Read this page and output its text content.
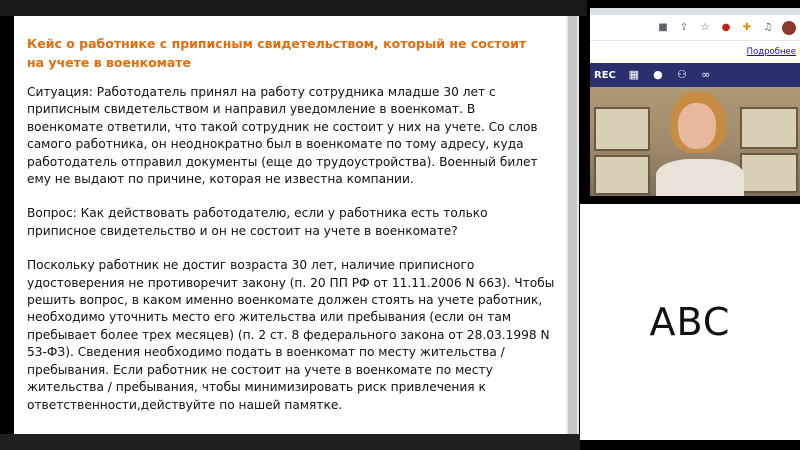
Кейс о работнике с приписным свидетельством, который не состоит на учете в военкомате

Ситуация: Работодатель принял на работу сотрудника младше 30 лет с приписным свидетельством и направил уведомление в военкомат. В военкомате ответили, что такой сотрудник не состоит у них на учете. Со слов самого работника, он неоднократно был в военкомате по тому адресу, куда работодатель отправил документы (еще до трудоустройства). Военный билет ему не выдают по причине, которая не известна компании.

Вопрос: Как действовать работодателю, если у работника есть только приписное свидетельство и он не состоит на учете в военкомате?

Поскольку работник не достиг возраста 30 лет, наличие приписного удостоверения не противоречит закону (п. 20 ПП РФ от 11.11.2006 N 663). Чтобы решить вопрос, в каком именно военкомате должен стоять на учете работник, необходимо уточнить место его жительства или пребывания (если он там пребывает более трех месяцев) (п. 2 ст. 8 федерального закона от 28.03.1998 N 53-ФЗ). Сведения необходимо подать в военкомат по месту жительства / пребывания. Если работник не состоит на учете в военкомате по месту жительства / пребывания, чтобы минимизировать риск привлечения к ответственности,действуйте по нашей памятке.

■ ⇪ ☆ ● ✚ ♫
Подробнее
REC	▦	●	⚇	∞
ABC
